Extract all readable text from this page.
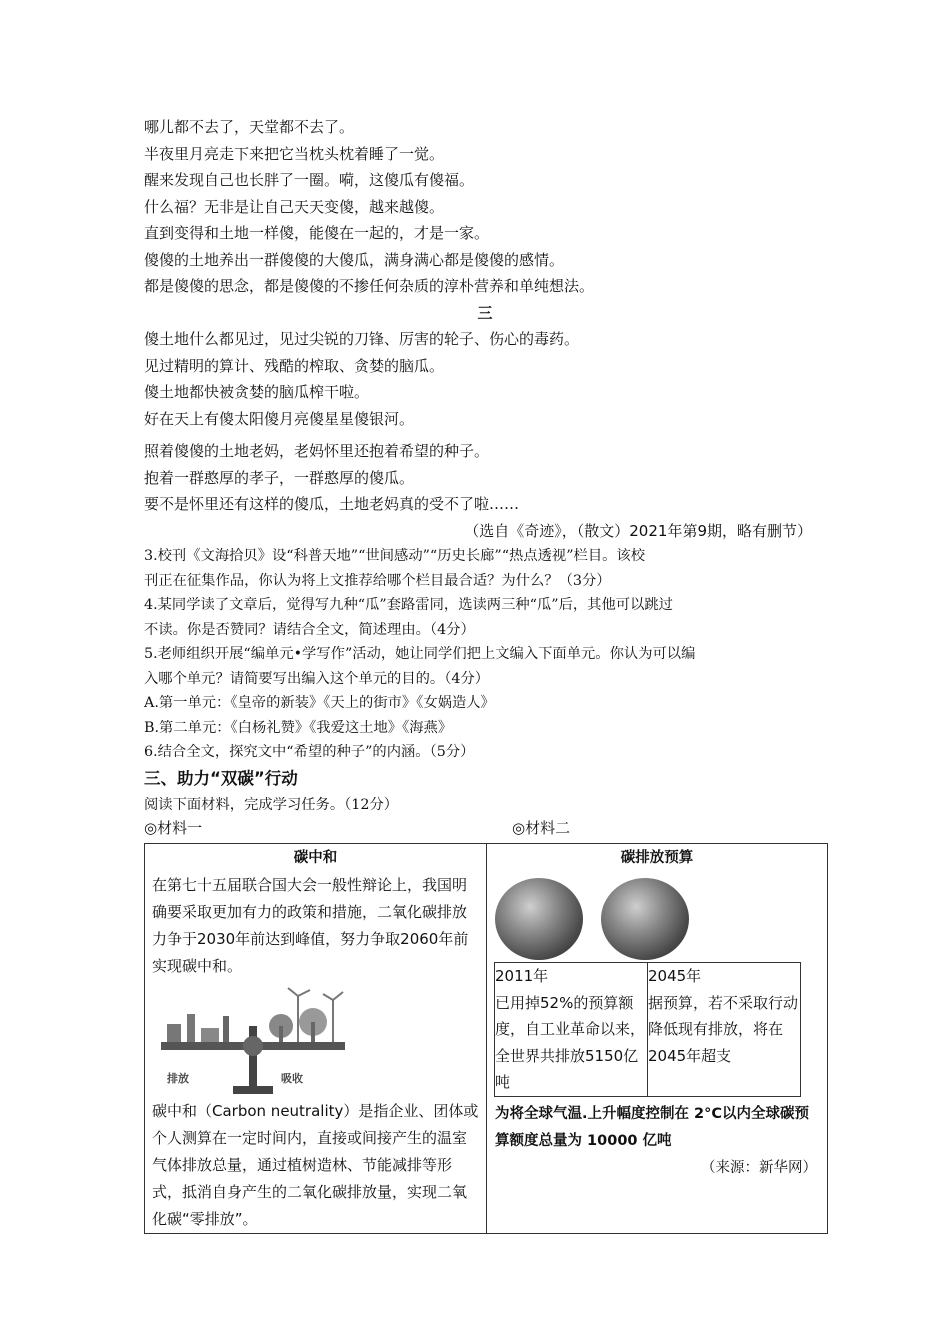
哪儿都不去了，天堂都不去了。
半夜里月亮走下来把它当枕头枕着睡了一觉。
醒来发现自己也长胖了一圈。嗬，这傻瓜有傻福。
什么福？无非是让自己天天变傻，越来越傻。
直到变得和土地一样傻，能傻在一起的，才是一家。
傻傻的土地养出一群傻傻的大傻瓜，满身满心都是傻傻的感情。
都是傻傻的思念，都是傻傻的不掺任何杂质的淳朴营养和单纯想法。
三
傻土地什么都见过，见过尖锐的刀锋、厉害的轮子、伤心的毒药。
见过精明的算计、残酷的榨取、贪婪的脑瓜。
傻土地都快被贪婪的脑瓜榨干啦。
好在天上有傻太阳傻月亮傻星星傻银河。
照着傻傻的土地老妈，老妈怀里还抱着希望的种子。
抱着一群憨厚的孝子，一群憨厚的傻瓜。
要不是怀里还有这样的傻瓜，土地老妈真的受不了啦……
（选自《奇迹》，（散文）2021年第9期，略有删节）
3.校刊《文海拾贝》设“科普天地”“世间感动”“历史长廊”“热点透视”栏目。该校
刊正在征集作品，你认为将上文推荐给哪个栏目最合适？为什么？（3分）
4.某同学读了文章后，觉得写九种“瓜”套路雷同，选读两三种“瓜”后，其他可以跳过
不读。你是否赞同？请结合全文，简述理由。（4分）
5.老师组织开展“编单元•学写作”活动，她让同学们把上文编入下面单元。你认为可以编
入哪个单元？请简要写出编入这个单元的目的。（4分）
A.第一单元：《皇帝的新装》《天上的街市》《女娲造人》
B.第二单元：《白杨礼赞》《我爱这土地》《海燕》
6.结合全文，探究文中“希望的种子”的内涵。（5分）
三、助力“双碳”行动
阅读下面材料，完成学习任务。（12分）
◎材料一	◎材料二
碳中和
在第七十五届联合国大会一般性辩论上，我国明确要采取更加有力的政策和措施，二氧化碳排放力争于2030年前达到峰值，努力争取2060年前实现碳中和。
排放	吸收
碳中和（Carbon neutrality）是指企业、团体或个人测算在一定时间内，直接或间接产生的温室气体排放总量，通过植树造林、节能减排等形式，抵消自身产生的二氧化碳排放量，实现二氧化碳“零排放”。

碳排放预算
2011年
已用掉52%的预算额度，自工业革命以来，全世界共排放5150亿吨

2045年
据预算，若不采取行动降低现有排放，将在2045年超支
为将全球气温.上升幅度控制在 2°C以内全球碳预算额度总量为 10000 亿吨
（来源：新华网）
